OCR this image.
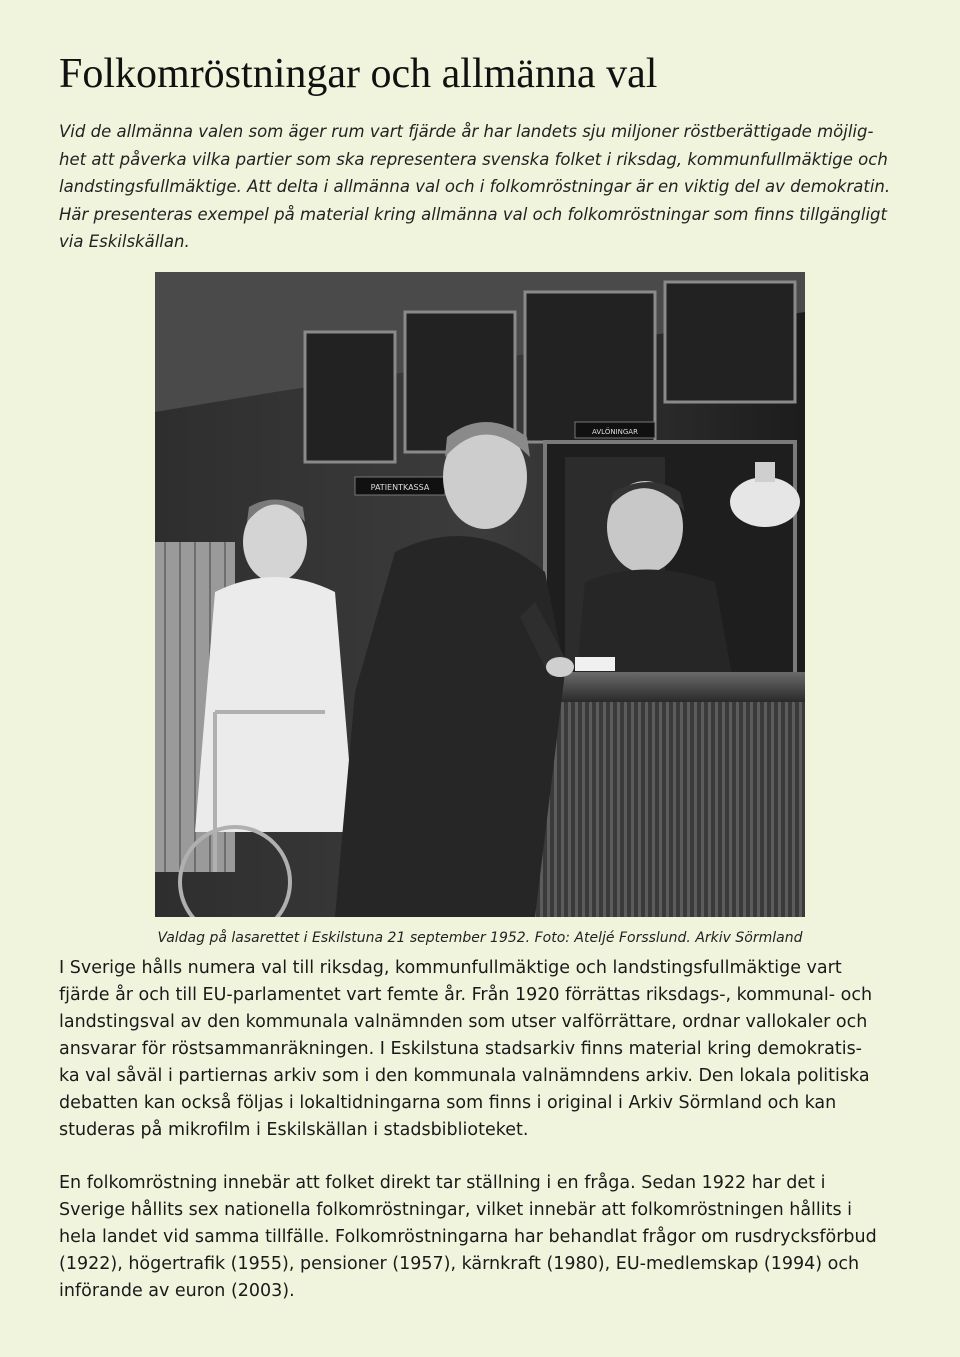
Folkomröstningar och allmänna val

Vid de allmänna valen som äger rum vart fjärde år har landets sju miljoner röstberättigade möjlig-
het att påverka vilka partier som ska representera svenska folket i riksdag, kommunfullmäktige och
landstingsfullmäktige. Att delta i allmänna val och i folkomröstningar är en viktig del av demokratin.
Här presenteras exempel på material kring allmänna val och folkomröstningar som finns tillgängligt
via Eskilskällan.

PATIENTKASSA
AVLÖNINGAR

Valdag på lasarettet i Eskilstuna 21 september 1952. Foto: Ateljé Forsslund. Arkiv Sörmland

I Sverige hålls numera val till riksdag, kommunfullmäktige och landstingsfullmäktige vart
fjärde år och till EU-parlamentet vart femte år. Från 1920 förrättas riksdags-, kommunal- och
landstingsval av den kommunala valnämnden som utser valförrättare, ordnar vallokaler och
ansvarar för röstsammanräkningen. I Eskilstuna stadsarkiv finns material kring demokratis-
ka val såväl i partiernas arkiv som i den kommunala valnämndens arkiv. Den lokala politiska
debatten kan också följas i lokaltidningarna som finns i original i Arkiv Sörmland och kan
studeras på mikrofilm i Eskilskällan i stadsbiblioteket.
En folkomröstning innebär att folket direkt tar ställning i en fråga. Sedan 1922 har det i
Sverige hållits sex nationella folkomröstningar, vilket innebär att folkomröstningen hållits i
hela landet vid samma tillfälle. Folkomröstningarna har behandlat frågor om rusdrycksförbud
(1922), högertrafik (1955), pensioner (1957), kärnkraft (1980), EU-medlemskap (1994) och
införande av euron (2003).
